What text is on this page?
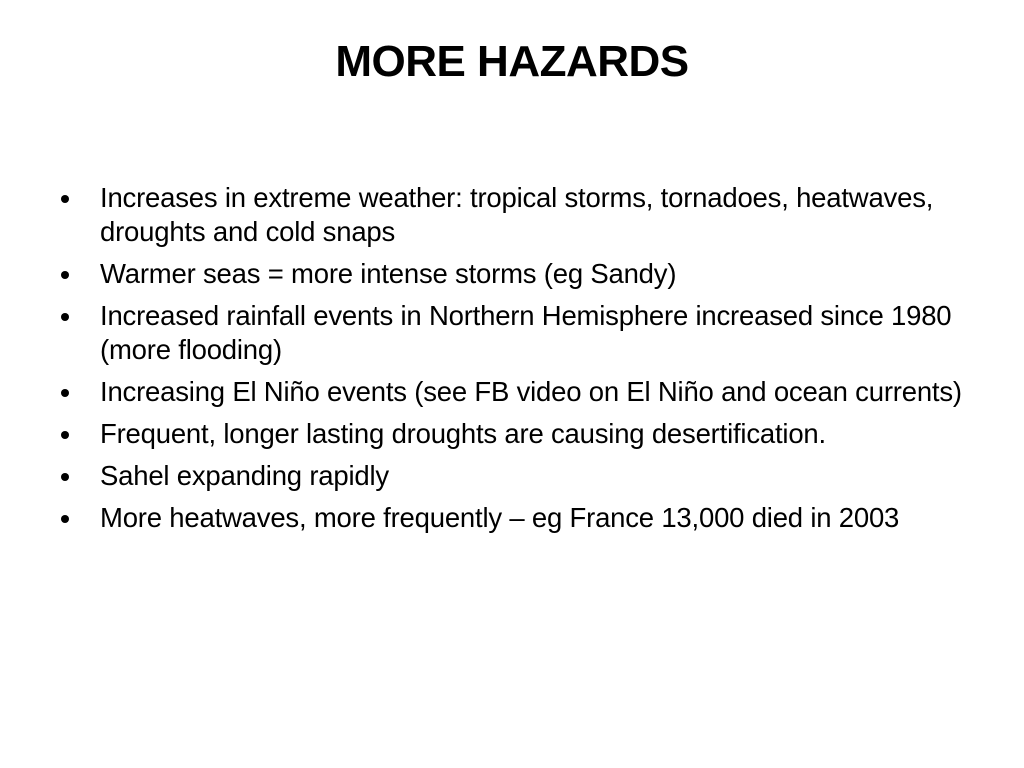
MORE HAZARDS
Increases in extreme weather: tropical storms, tornadoes, heatwaves, droughts and cold snaps
Warmer seas = more intense storms (eg Sandy)
Increased rainfall events in Northern Hemisphere increased since 1980 (more flooding)
Increasing El Niño events (see FB video on El Niño and ocean currents)
Frequent, longer lasting droughts are causing desertification.
Sahel expanding rapidly
More heatwaves, more frequently – eg France 13,000 died in 2003
